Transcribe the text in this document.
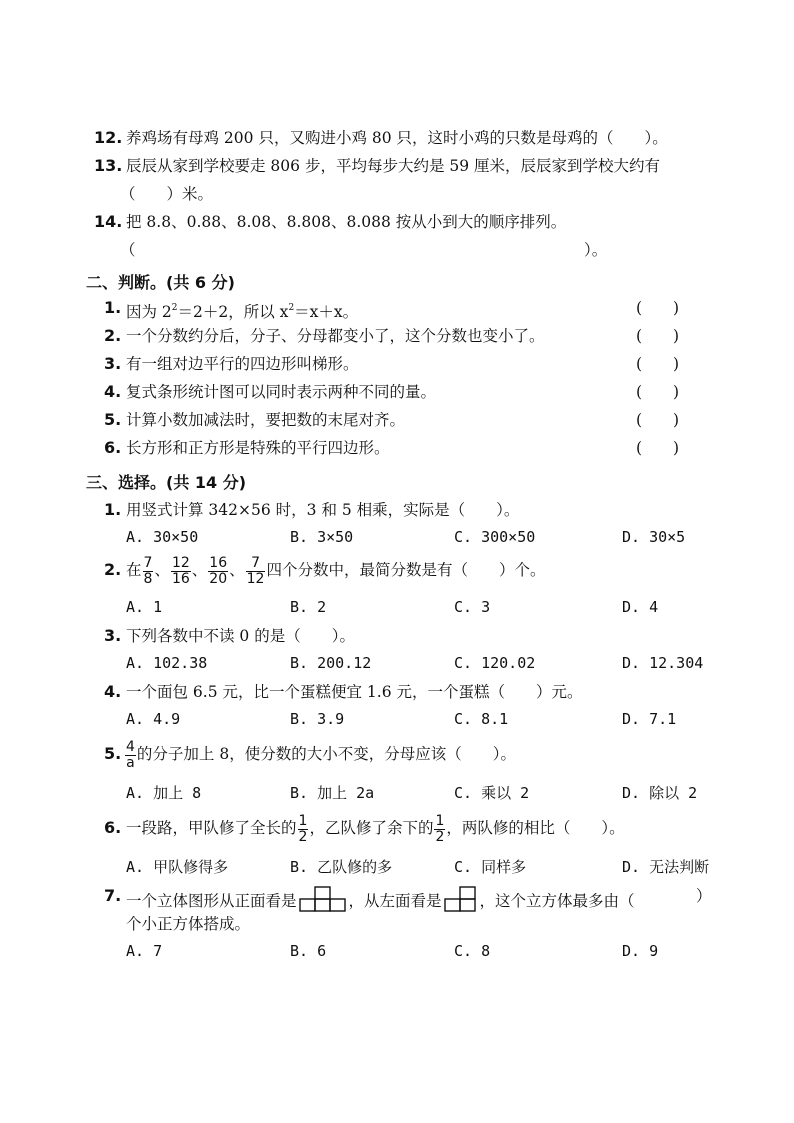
12. 养鸡场有母鸡 200 只，又购进小鸡 80 只，这时小鸡的只数是母鸡的（　　）。
13. 辰辰从家到学校要走 806 步，平均每步大约是 59 厘米，辰辰家到学校大约有
（　　）米。
14. 把 8.8、0.88、8.08、8.808、8.088 按从小到大的顺序排列。
（	）。
二、判断。(共 6 分)
1. 因为 $2^2=2+2$，所以 $x^2=x+x$。	(　　)
2. 一个分数约分后，分子、分母都变小了，这个分数也变小了。	(　　)
3. 有一组对边平行的四边形叫梯形。	(　　)
4. 复式条形统计图可以同时表示两种不同的量。	(　　)
5. 计算小数加减法时，要把数的末尾对齐。	(　　)
6. 长方形和正方形是特殊的平行四边形。	(　　)
三、选择。(共 14 分)
1. 用竖式计算 342×56 时，3 和 5 相乘，实际是（　　）。
A. 30×50	B. 3×50	C. 300×50	D. 30×5
2. 在 $\frac{7}{8}$ 、 $\frac{12}{16}$ 、 $\frac{16}{20}$ 、 $\frac{7}{12}$ 四个分数中，最简分数是有（　　）个。
A. 1	B. 2	C. 3	D. 4
3. 下列各数中不读 0 的是（　　）。
A. 102.38	B. 200.12	C. 120.02	D. 12.304
4. 一个面包 6.5 元，比一个蛋糕便宜 1.6 元，一个蛋糕（　　）元。
A. 4.9	B. 3.9	C. 8.1	D. 7.1
5. $\frac{4}{a}$ 的分子加上 8，使分数的大小不变，分母应该（　　）。
A. 加上 8	B. 加上 2a	C. 乘以 2	D. 除以 2
6. 一段路，甲队修了全长的 $\frac{1}{2}$ ，乙队修了余下的 $\frac{1}{2}$ ，两队修的相比（　　）。
A. 甲队修得多	B. 乙队修的多	C. 同样多	D. 无法判断
7. 一个立体图形从正面看是	，从左面看是 ，这个立方体最多由（	）
个小正方体搭成。
A. 7	B. 6	C. 8	D. 9
